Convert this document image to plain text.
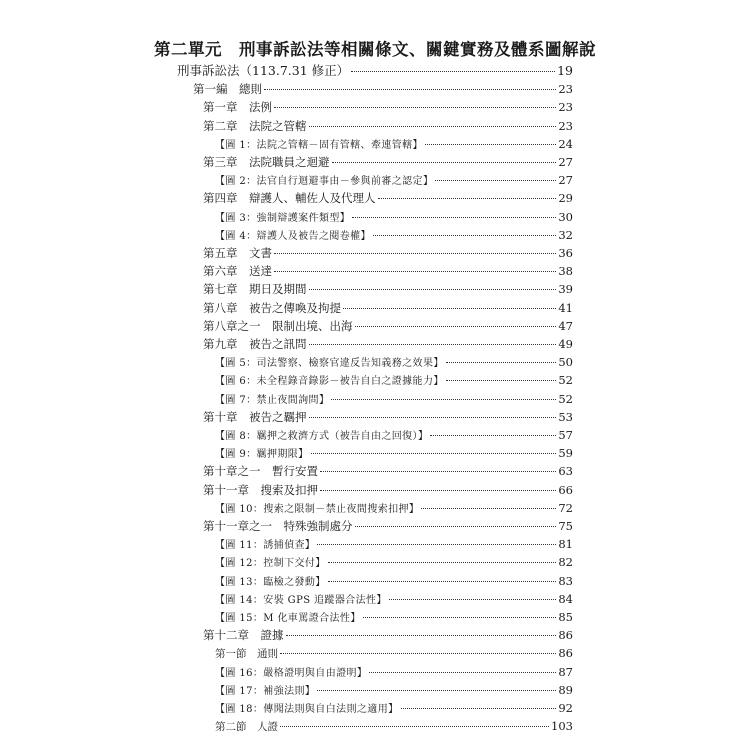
第二單元　刑事訴訟法等相關條文、關鍵實務及體系圖解說
刑事訴訟法（113.7.31 修正）	19
第一編　總則	23
第一章　法例	23
第二章　法院之管轄	23
【圖 1：法院之管轄－固有管轄、牽連管轄】	24
第三章　法院職員之迴避	27
【圖 2：法官自行迴避事由－參與前審之認定】	27
第四章　辯護人、輔佐人及代理人	29
【圖 3：強制辯護案件類型】	30
【圖 4：辯護人及被告之閱卷權】	32
第五章　文書	36
第六章　送達	38
第七章　期日及期間	39
第八章　被告之傳喚及拘提	41
第八章之一　限制出境、出海	47
第九章　被告之訊問	49
【圖 5：司法警察、檢察官違反告知義務之效果】	50
【圖 6：未全程錄音錄影－被告自白之證據能力】	52
【圖 7：禁止夜間詢問】	52
第十章　被告之羈押	53
【圖 8：羈押之救濟方式（被告自由之回復）】	57
【圖 9：羈押期限】	59
第十章之一　暫行安置	63
第十一章　搜索及扣押	66
【圖 10：搜索之限制－禁止夜間搜索扣押】	72
第十一章之一　特殊強制處分	75
【圖 11：誘捕偵查】	81
【圖 12：控制下交付】	82
【圖 13：臨檢之發動】	83
【圖 14：安裝 GPS 追蹤器合法性】	84
【圖 15：M 化車罵證合法性】	85
第十二章　證據	86
第一節　通則	86
【圖 16：嚴格證明與自由證明】	87
【圖 17：補強法則】	89
【圖 18：傳聞法則與自白法則之適用】	92
第二節　人證	103
